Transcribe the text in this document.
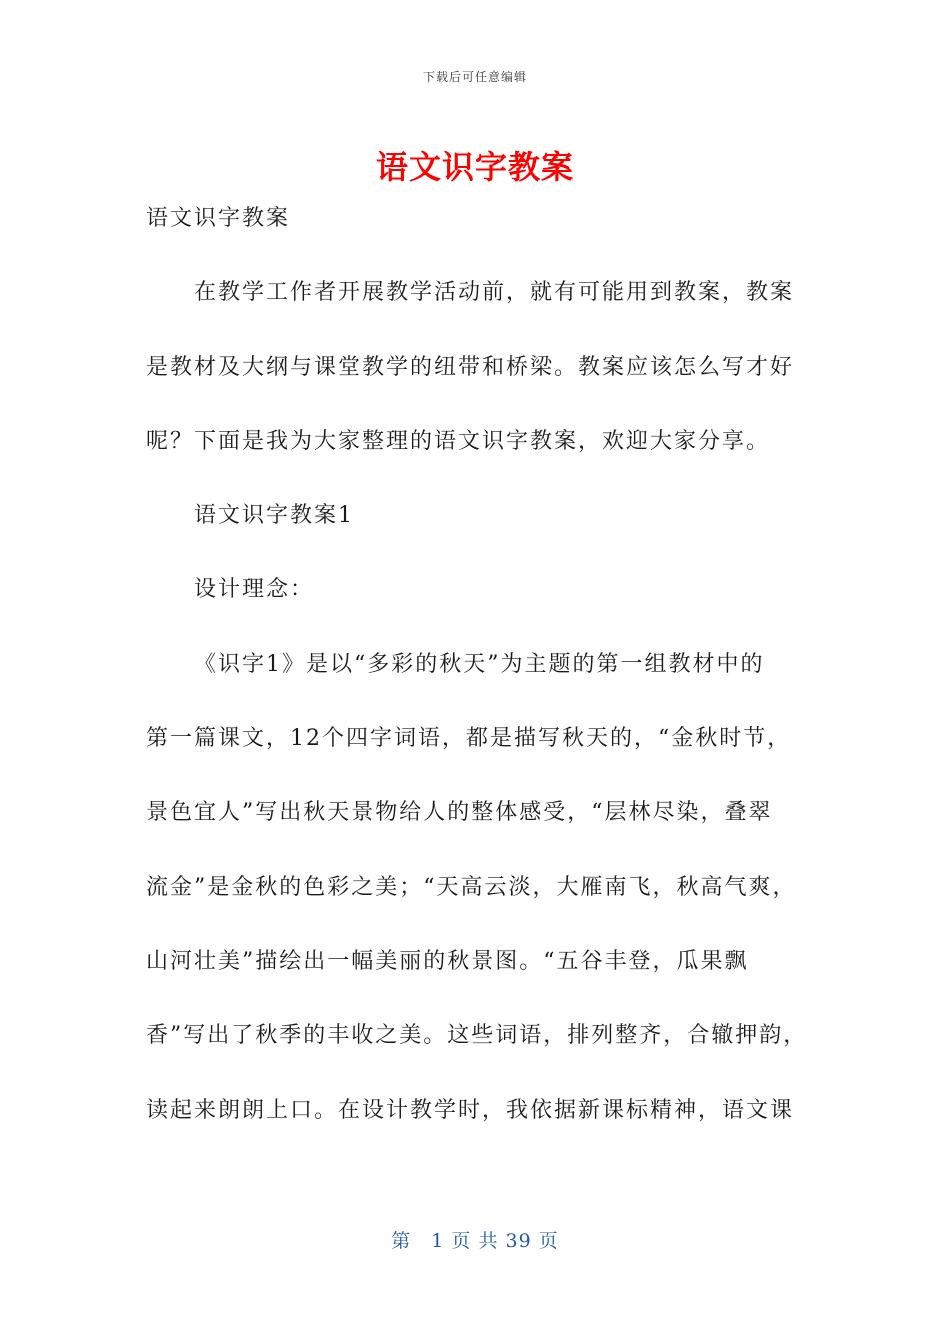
下载后可任意编辑
语文识字教案
语文识字教案
在教学工作者开展教学活动前，就有可能用到教案，教案
是教材及大纲与课堂教学的纽带和桥梁。教案应该怎么写才好
呢？下面是我为大家整理的语文识字教案，欢迎大家分享。
语文识字教案1
设计理念：
《识字1》是以“多彩的秋天”为主题的第一组教材中的
第一篇课文，12个四字词语，都是描写秋天的，“金秋时节，
景色宜人”写出秋天景物给人的整体感受，“层林尽染，叠翠
流金”是金秋的色彩之美；“天高云淡，大雁南飞，秋高气爽，
山河壮美”描绘出一幅美丽的秋景图。“五谷丰登，瓜果飘
香”写出了秋季的丰收之美。这些词语，排列整齐，合辙押韵，
读起来朗朗上口。在设计教学时，我依据新课标精神，语文课
第　1 页 共 39 页
